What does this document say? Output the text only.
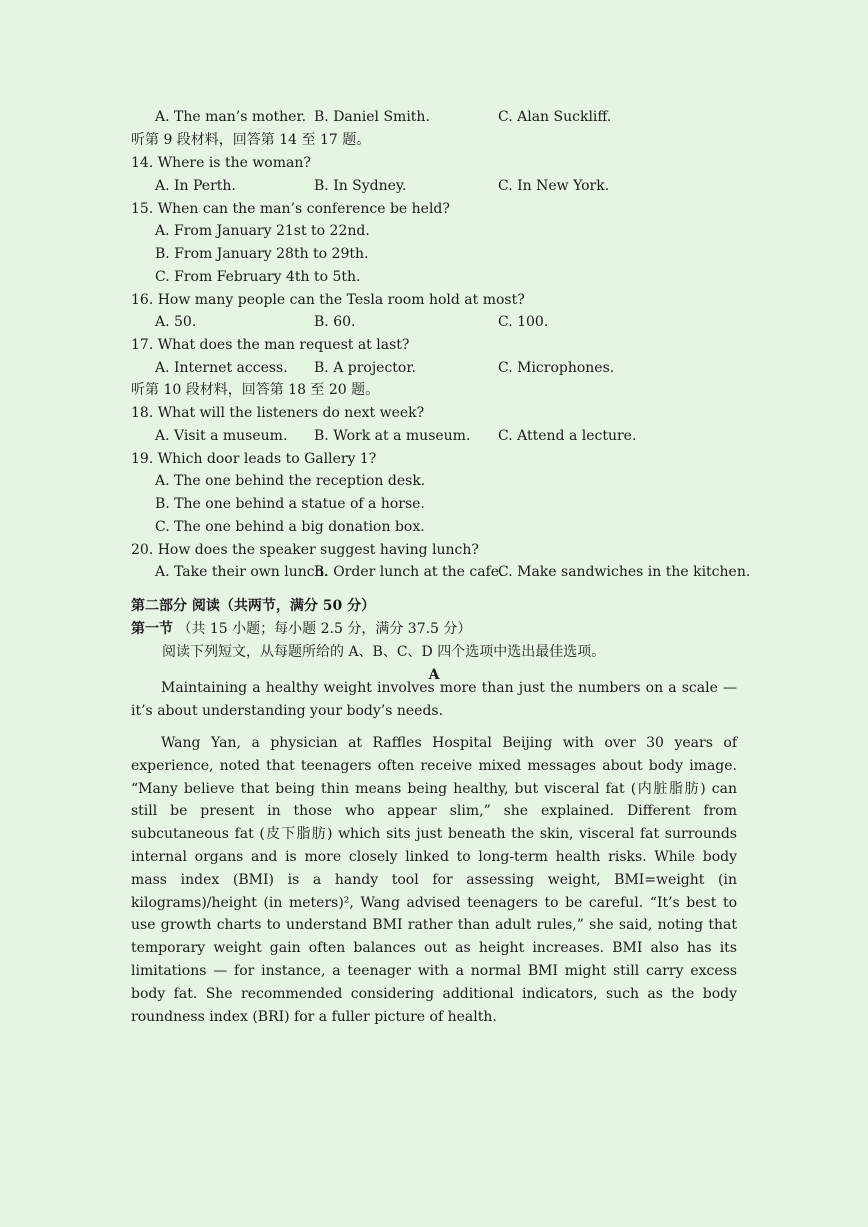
A. The man’s mother. B. Daniel Smith.	C. Alan Suckliff.
听第 9 段材料，回答第 14 至 17 题。
14. Where is the woman?
A. In Perth.	B. In Sydney.	C. In New York.
15. When can the man’s conference be held?
A. From January 21st to 22nd.
B. From January 28th to 29th.
C. From February 4th to 5th.
16. How many people can the Tesla room hold at most?
A. 50.	B. 60.	C. 100.
17. What does the man request at last?
A. Internet access. B. A projector.	C. Microphones.
听第 10 段材料，回答第 18 至 20 题。
18. What will the listeners do next week?
A. Visit a museum. B. Work at a museum. C. Attend a lecture.
19. Which door leads to Gallery 1?
A. The one behind the reception desk.
B. The one behind a statue of a horse.
C. The one behind a big donation box.
20. How does the speaker suggest having lunch?
A. Take their own lunch.
B. Order lunch at the cafe.
C. Make sandwiches in the kitchen.
第二部分 阅读（共两节，满分 50 分）
第一节 （共 15 小题；每小题 2.5 分，满分 37.5 分）
阅读下列短文，从每题所给的 A、B、C、D 四个选项中选出最佳选项。
A

Maintaining a healthy weight involves more than just the numbers on a scale — it’s about understanding your body’s needs.

Wang Yan, a physician at Raffles Hospital Beijing with over 30 years of experience, noted that teenagers often receive mixed messages about body image. “Many believe that being thin means being healthy, but visceral fat (内脏脂肪) can still be present in those who appear slim,” she explained. Different from subcutaneous fat (皮下脂肪) which sits just beneath the skin, visceral fat surrounds internal organs and is more closely linked to long-term health risks. While body mass index (BMI) is a handy tool for assessing weight, BMI=weight (in kilograms)/height (in meters)², Wang advised teenagers to be careful. “It’s best to use growth charts to understand BMI rather than adult rules,” she said, noting that temporary weight gain often balances out as height increases. BMI also has its limitations — for instance, a teenager with a normal BMI might still carry excess body fat. She recommended considering additional indicators, such as the body roundness index (BRI) for a fuller picture of health.
